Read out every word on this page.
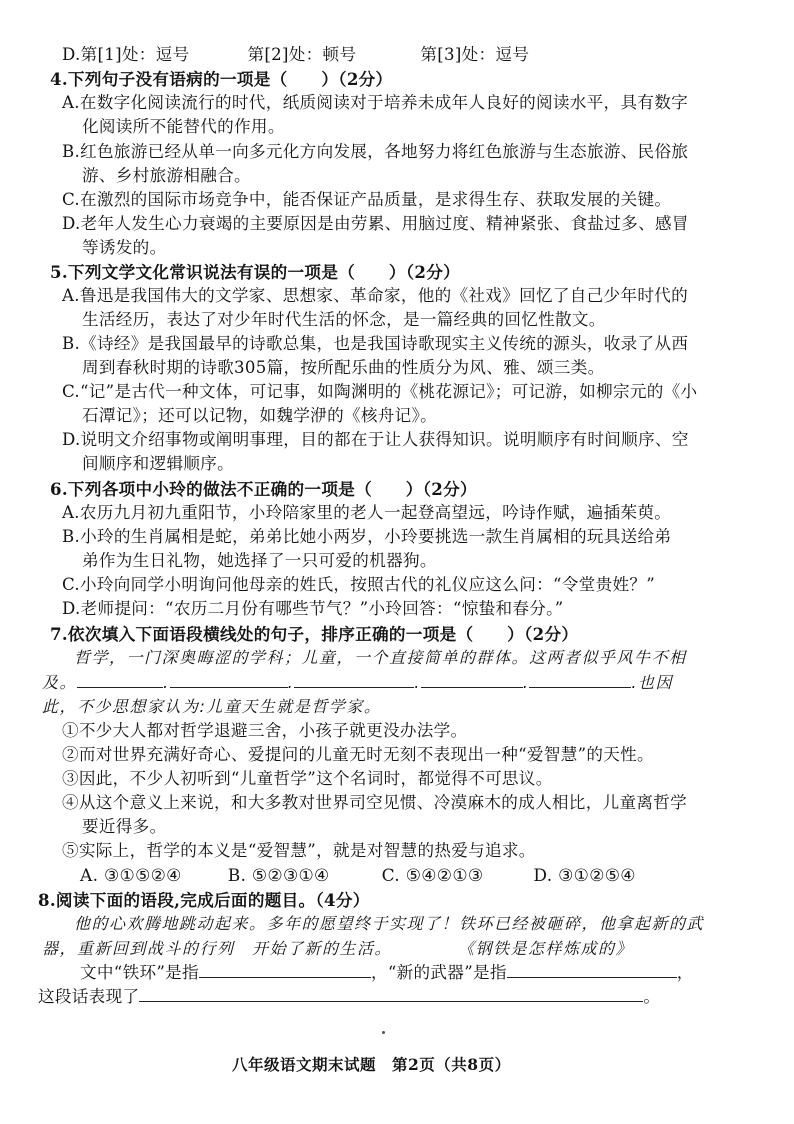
D.第[1]处：逗号	第[2]处：顿号	第[3]处：逗号
4.下列句子没有语病的一项是（　　）（2分）
A.在数字化阅读流行的时代，纸质阅读对于培养未成年人良好的阅读水平，具有数字
化阅读所不能替代的作用。
B.红色旅游已经从单一向多元化方向发展，各地努力将红色旅游与生态旅游、民俗旅
游、乡村旅游相融合。
C.在激烈的国际市场竞争中，能否保证产品质量，是求得生存、获取发展的关键。
D.老年人发生心力衰竭的主要原因是由劳累、用脑过度、精神紧张、食盐过多、感冒
等诱发的。
5.下列文学文化常识说法有误的一项是（　　）（2分）
A.鲁迅是我国伟大的文学家、思想家、革命家，他的《社戏》回忆了自己少年时代的
生活经历，表达了对少年时代生活的怀念，是一篇经典的回忆性散文。
B.《诗经》是我国最早的诗歌总集，也是我国诗歌现实主义传统的源头，收录了从西
周到春秋时期的诗歌305篇，按所配乐曲的性质分为风、雅、颂三类。
C.“记”是古代一种文体，可记事，如陶渊明的《桃花源记》；可记游，如柳宗元的《小
石潭记》；还可以记物，如魏学洢的《核舟记》。
D.说明文介绍事物或阐明事理，目的都在于让人获得知识。说明顺序有时间顺序、空
间顺序和逻辑顺序。
6.下列各项中小玲的做法不正确的一项是（　　）（2分）
A.农历九月初九重阳节，小玲陪家里的老人一起登高望远，吟诗作赋，遍插茱萸。
B.小玲的生肖属相是蛇，弟弟比她小两岁，小玲要挑选一款生肖属相的玩具送给弟
弟作为生日礼物，她选择了一只可爱的机器狗。
C.小玲向同学小明询问他母亲的姓氏，按照古代的礼仪应这么问：“令堂贵姓？”
D.老师提问：“农历二月份有哪些节气？”小玲回答：“惊蛰和春分。”
7.依次填入下面语段横线处的句子，排序正确的一项是（　　）（2分）
哲学，一门深奥晦涩的学科；儿童，一个直接简单的群体。这两者似乎风牛不相
及。	.	.	.	.	.也因
此，不少思想家认为:儿童天生就是哲学家。
①不少大人都对哲学退避三舍，小孩子就更没办法学。
②而对世界充满好奇心、爱提问的儿童无时无刻不表现出一种“爱智慧”的天性。
③因此，不少人初听到“儿童哲学”这个名词时，都觉得不可思议。
④从这个意义上来说，和大多教对世界司空见惯、冷漠麻木的成人相比，儿童离哲学
要近得多。
⑤实际上，哲学的本义是“爱智慧”，就是对智慧的热爱与追求。
A. ③①⑤②④	B. ⑤②③①④	C. ⑤④②①③	D. ③①②⑤④
8.阅读下面的语段,完成后面的题目。（4分）
他的心欢腾地跳动起来。多年的愿望终于实现了！铁环已经被砸碎，他拿起新的武
器，重新回到战斗的行列　开始了新的生活。	《钢铁是怎样炼成的》
文中“铁环”是指	，“新的武器”是指	，
这段话表现了	。
八年级语文期末试题　第2页（共8页）
